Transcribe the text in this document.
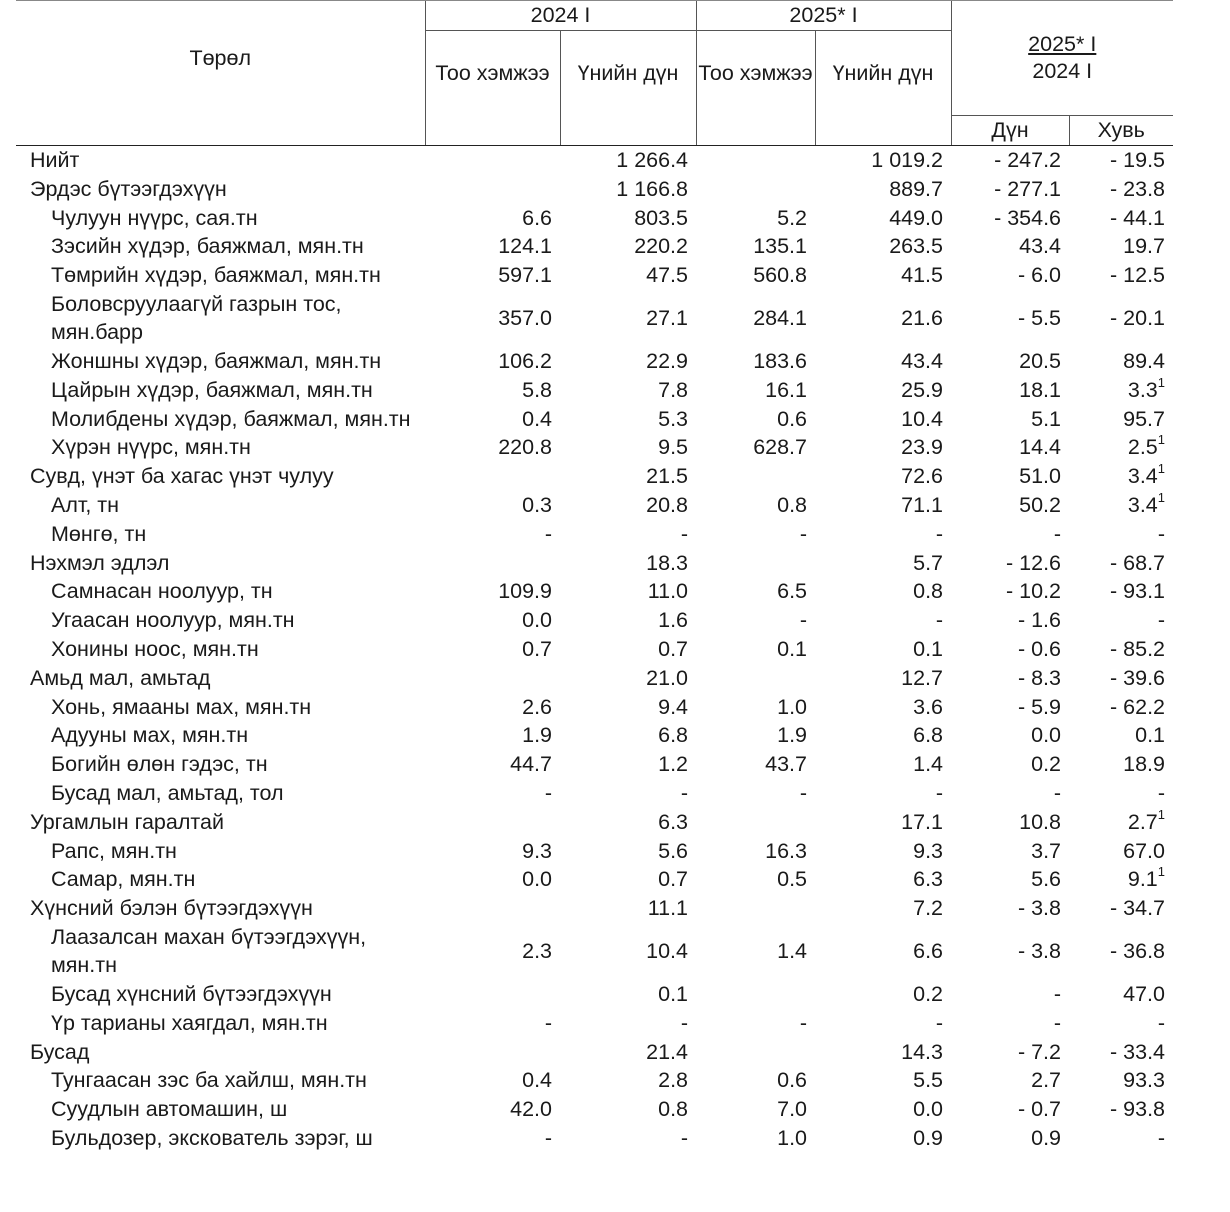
Төрөл	2024 I		2025* I		2025* I
2024 I	

	Тоо хэмжээ	Үнийн дүн	Тоо хэмжээ	Үнийн дүн		
					Дүн	Хувь
Нийт		1 266.4		1 019.2	- 247.2	- 19.5
Эрдэс бүтээгдэхүүн		1 166.8		889.7	- 277.1	- 23.8
Чулуун нүүрс, сая.тн	6.6	803.5	5.2	449.0	- 354.6	- 44.1
Зэсийн хүдэр, баяжмал, мян.тн	124.1	220.2	135.1	263.5	43.4	19.7
Төмрийн хүдэр, баяжмал, мян.тн	597.1	47.5	560.8	41.5	- 6.0	- 12.5
Боловсруулаагүй газрын тос, мян.барр	357.0	27.1	284.1	21.6	- 5.5	- 20.1
Жоншны хүдэр, баяжмал, мян.тн	106.2	22.9	183.6	43.4	20.5	89.4
Цайрын хүдэр, баяжмал, мян.тн	5.8	7.8	16.1	25.9	18.1	$3.3^1$
Молибдены хүдэр, баяжмал, мян.тн	0.4	5.3	0.6	10.4	5.1	95.7
Хүрэн нүүрс, мян.тн	220.8	9.5	628.7	23.9	14.4	$2.5^1$
Сувд, үнэт ба хагас үнэт чулуу		21.5		72.6	51.0	$3.4^1$
Алт, тн	0.3	20.8	0.8	71.1	50.2	$3.4^1$
Мөнгө, тн	-	-	-	-	-	-
Нэхмэл эдлэл		18.3		5.7	- 12.6	- 68.7
Самнасан ноолуур, тн	109.9	11.0	6.5	0.8	- 10.2	- 93.1
Угаасан ноолуур, мян.тн	0.0	1.6	-	-	- 1.6	-
Хонины ноос, мян.тн	0.7	0.7	0.1	0.1	- 0.6	- 85.2
Амьд мал, амьтад		21.0		12.7	- 8.3	- 39.6
Хонь, ямааны мах, мян.тн	2.6	9.4	1.0	3.6	- 5.9	- 62.2
Адууны мах, мян.тн	1.9	6.8	1.9	6.8	0.0	0.1
Богийн өлөн гэдэс, тн	44.7	1.2	43.7	1.4	0.2	18.9
Бусад мал, амьтад, тол	-	-	-	-	-	-
Ургамлын гаралтай		6.3		17.1	10.8	$2.7^1$
Рапс, мян.тн	9.3	5.6	16.3	9.3	3.7	67.0
Самар, мян.тн	0.0	0.7	0.5	6.3	5.6	$9.1^1$
Хүнсний бэлэн бүтээгдэхүүн		11.1		7.2	- 3.8	- 34.7
Лаазалсан махан бүтээгдэхүүн, мян.тн	2.3	10.4	1.4	6.6	- 3.8	- 36.8
Бусад хүнсний бүтээгдэхүүн		0.1		0.2	-	47.0
Үр тарианы хаягдал, мян.тн	-	-	-	-	-	-
Бусад		21.4		14.3	- 7.2	- 33.4
Тунгаасан зэс ба хайлш, мян.тн	0.4	2.8	0.6	5.5	2.7	93.3
Суудлын автомашин, ш	42.0	0.8	7.0	0.0	- 0.7	- 93.8
Бульдозер, экскователь зэрэг, ш	-	-	1.0	0.9	0.9	-
